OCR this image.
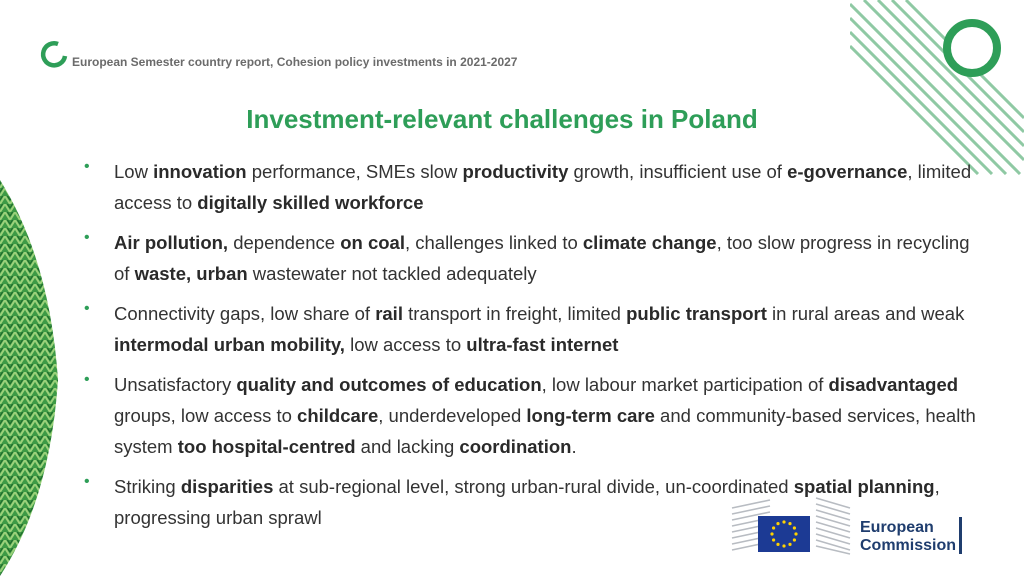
European Semester country report, Cohesion policy investments in 2021-2027
Investment-relevant challenges in Poland
• Low innovation performance, SMEs slow productivity growth, insufficient use of e-governance, limited access to digitally skilled workforce
• Air pollution, dependence on coal, challenges linked to climate change, too slow progress in recycling of waste, urban wastewater not tackled adequately
• Connectivity gaps, low share of rail transport in freight, limited public transport in rural areas and weak intermodal urban mobility, low access to ultra-fast internet
• Unsatisfactory quality and outcomes of education, low labour market participation of disadvantaged groups, low access to childcare, underdeveloped long-term care and community-based services, health system too hospital-centred and lacking coordination.
• Striking disparities at sub-regional level, strong urban-rural divide, un-coordinated spatial planning, progressing urban sprawl	European
Commission
